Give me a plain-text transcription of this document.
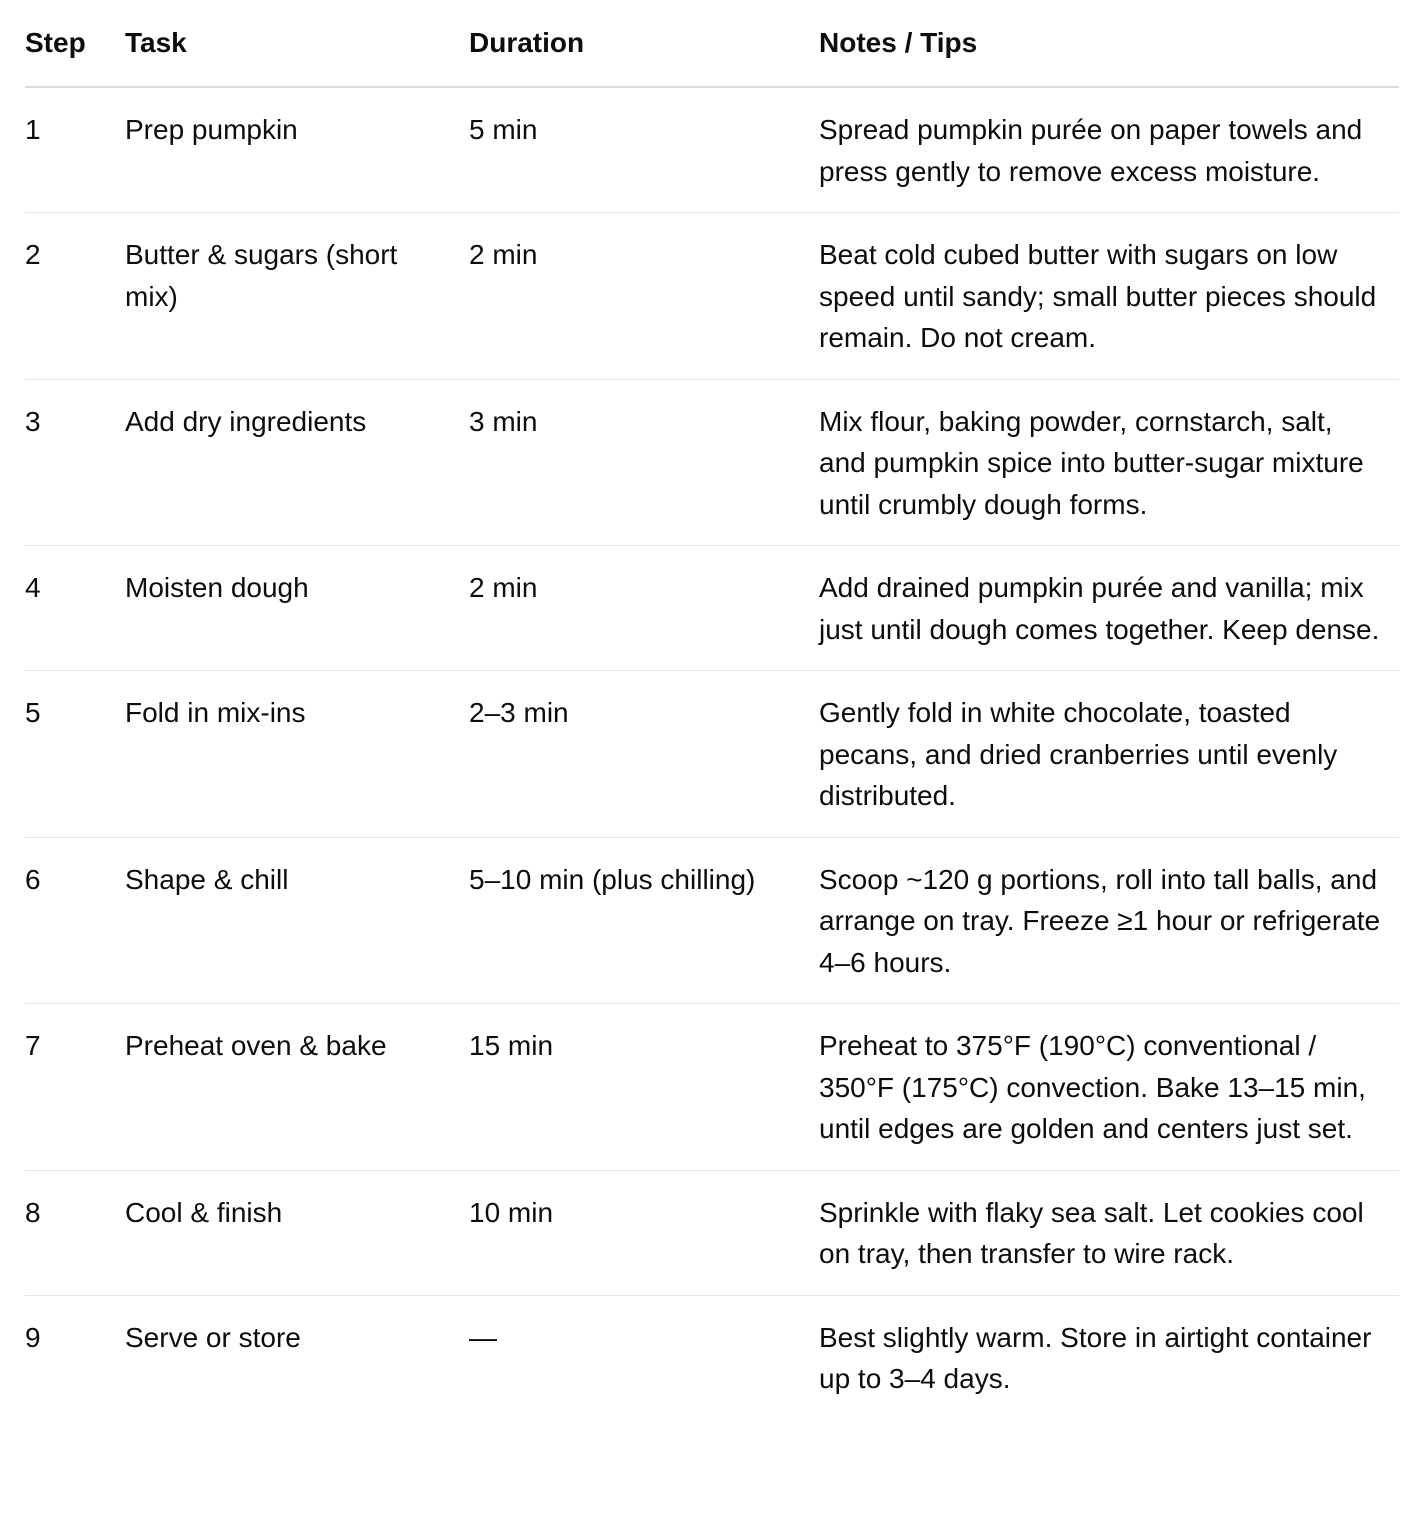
Step	Task	Duration	Notes / Tips
1	Prep pumpkin	5 min	Spread pumpkin purée on paper towels and press gently to remove excess moisture.
2	Butter & sugars (short mix)	2 min	Beat cold cubed butter with sugars on low speed until sandy; small butter pieces should remain. Do not cream.
3	Add dry ingredients	3 min	Mix flour, baking powder, cornstarch, salt, and pumpkin spice into butter-sugar mixture until crumbly dough forms.
4	Moisten dough	2 min	Add drained pumpkin purée and vanilla; mix just until dough comes together. Keep dense.
5	Fold in mix-ins	2–3 min	Gently fold in white chocolate, toasted pecans, and dried cranberries until evenly distributed.
6	Shape & chill	5–10 min (plus chilling)	Scoop ~120 g portions, roll into tall balls, and arrange on tray. Freeze ≥1 hour or refrigerate 4–6 hours.
7	Preheat oven & bake	15 min	Preheat to 375°F (190°C) conventional / 350°F (175°C) convection. Bake 13–15 min, until edges are golden and centers just set.
8	Cool & finish	10 min	Sprinkle with flaky sea salt. Let cookies cool on tray, then transfer to wire rack.
9	Serve or store	—	Best slightly warm. Store in airtight container up to 3–4 days.
